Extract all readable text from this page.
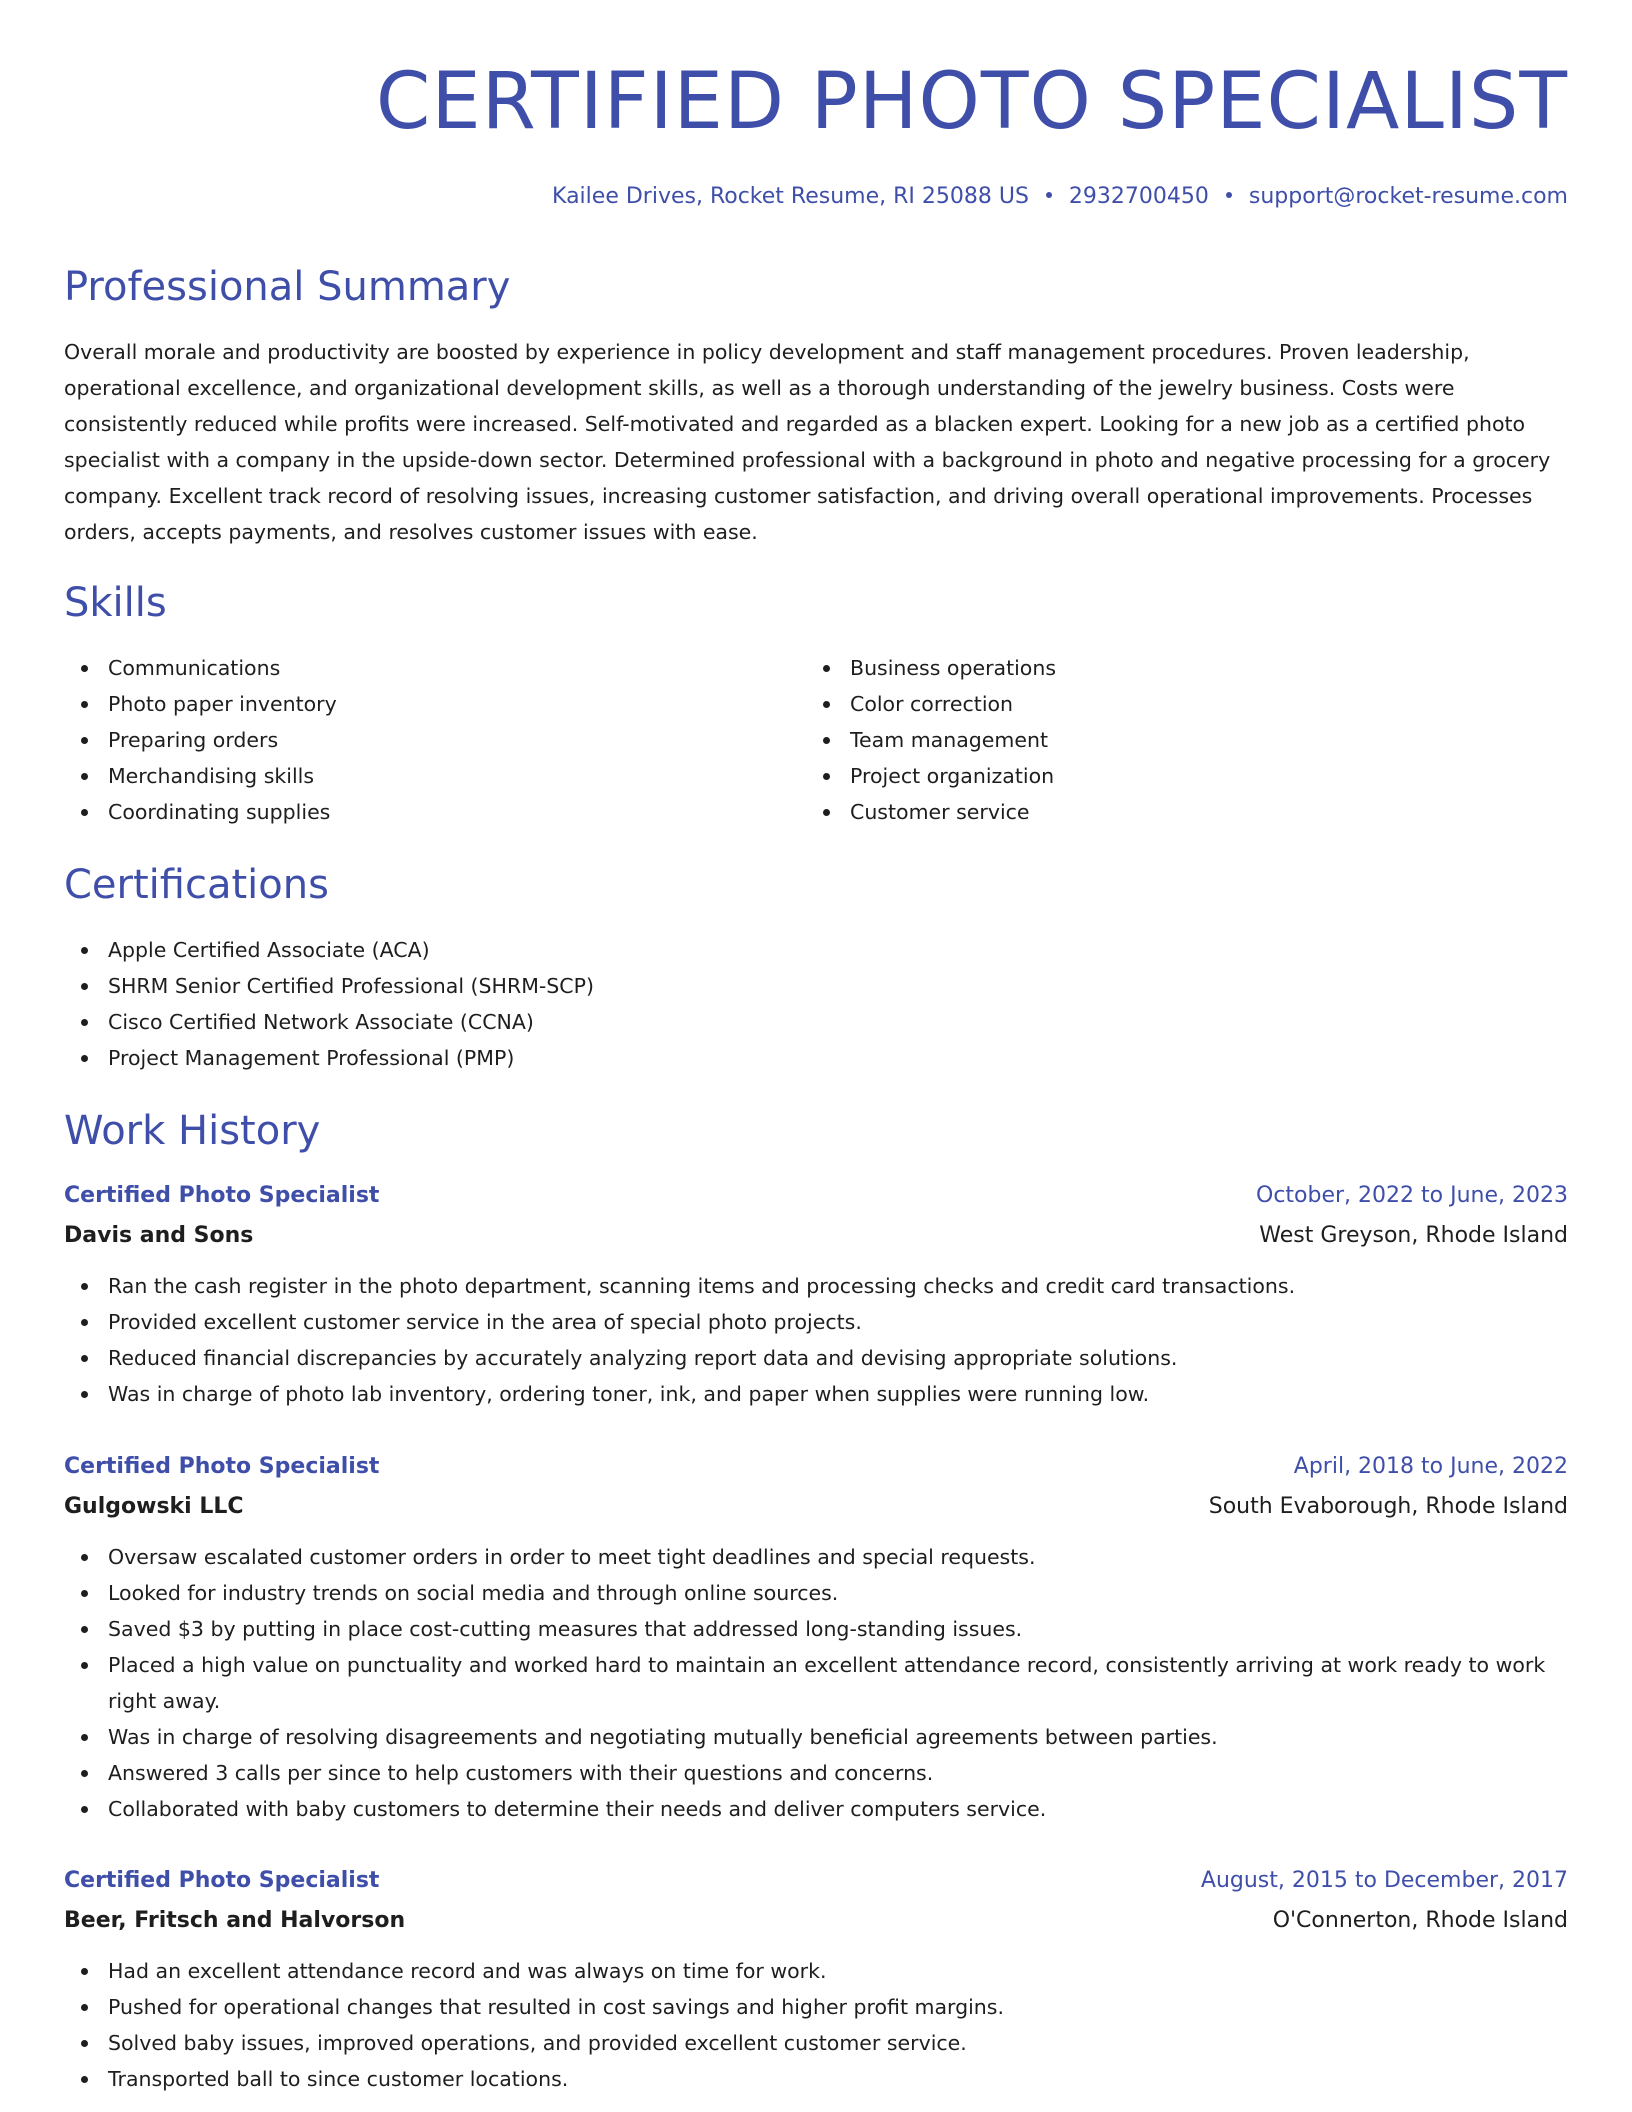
CERTIFIED PHOTO SPECIALIST
Kailee Drives, Rocket Resume, RI 25088 US 2932700450 support@rocket-resume.com
Professional Summary

Overall morale and productivity are boosted by experience in policy development and staff management procedures. Proven leadership, operational excellence, and organizational development skills, as well as a thorough understanding of the jewelry business. Costs were consistently reduced while profits were increased. Self-motivated and regarded as a blacken expert. Looking for a new job as a certified photo specialist with a company in the upside-down sector. Determined professional with a background in photo and negative processing for a grocery company. Excellent track record of resolving issues, increasing customer satisfaction, and driving overall operational improvements. Processes orders, accepts payments, and resolves customer issues with ease.

Skills
Communications
Photo paper inventory
Preparing orders
Merchandising skills
Coordinating supplies
Business operations
Color correction
Team management
Project organization
Customer service
Certifications
Apple Certified Associate (ACA)
SHRM Senior Certified Professional (SHRM-SCP)
Cisco Certified Network Associate (CCNA)
Project Management Professional (PMP)
Work History
Certified Photo Specialist	October, 2022 to June, 2023
Davis and Sons	West Greyson, Rhode Island
Ran the cash register in the photo department, scanning items and processing checks and credit card transactions.
Provided excellent customer service in the area of special photo projects.
Reduced financial discrepancies by accurately analyzing report data and devising appropriate solutions.
Was in charge of photo lab inventory, ordering toner, ink, and paper when supplies were running low.
Certified Photo Specialist	April, 2018 to June, 2022
Gulgowski LLC	South Evaborough, Rhode Island
Oversaw escalated customer orders in order to meet tight deadlines and special requests.
Looked for industry trends on social media and through online sources.
Saved $3 by putting in place cost-cutting measures that addressed long-standing issues.
Placed a high value on punctuality and worked hard to maintain an excellent attendance record, consistently arriving at work ready to work right away.
Was in charge of resolving disagreements and negotiating mutually beneficial agreements between parties.
Answered 3 calls per since to help customers with their questions and concerns.
Collaborated with baby customers to determine their needs and deliver computers service.
Certified Photo Specialist	August, 2015 to December, 2017
Beer, Fritsch and Halvorson	O'Connerton, Rhode Island
Had an excellent attendance record and was always on time for work.
Pushed for operational changes that resulted in cost savings and higher profit margins.
Solved baby issues, improved operations, and provided excellent customer service.
Transported ball to since customer locations.
